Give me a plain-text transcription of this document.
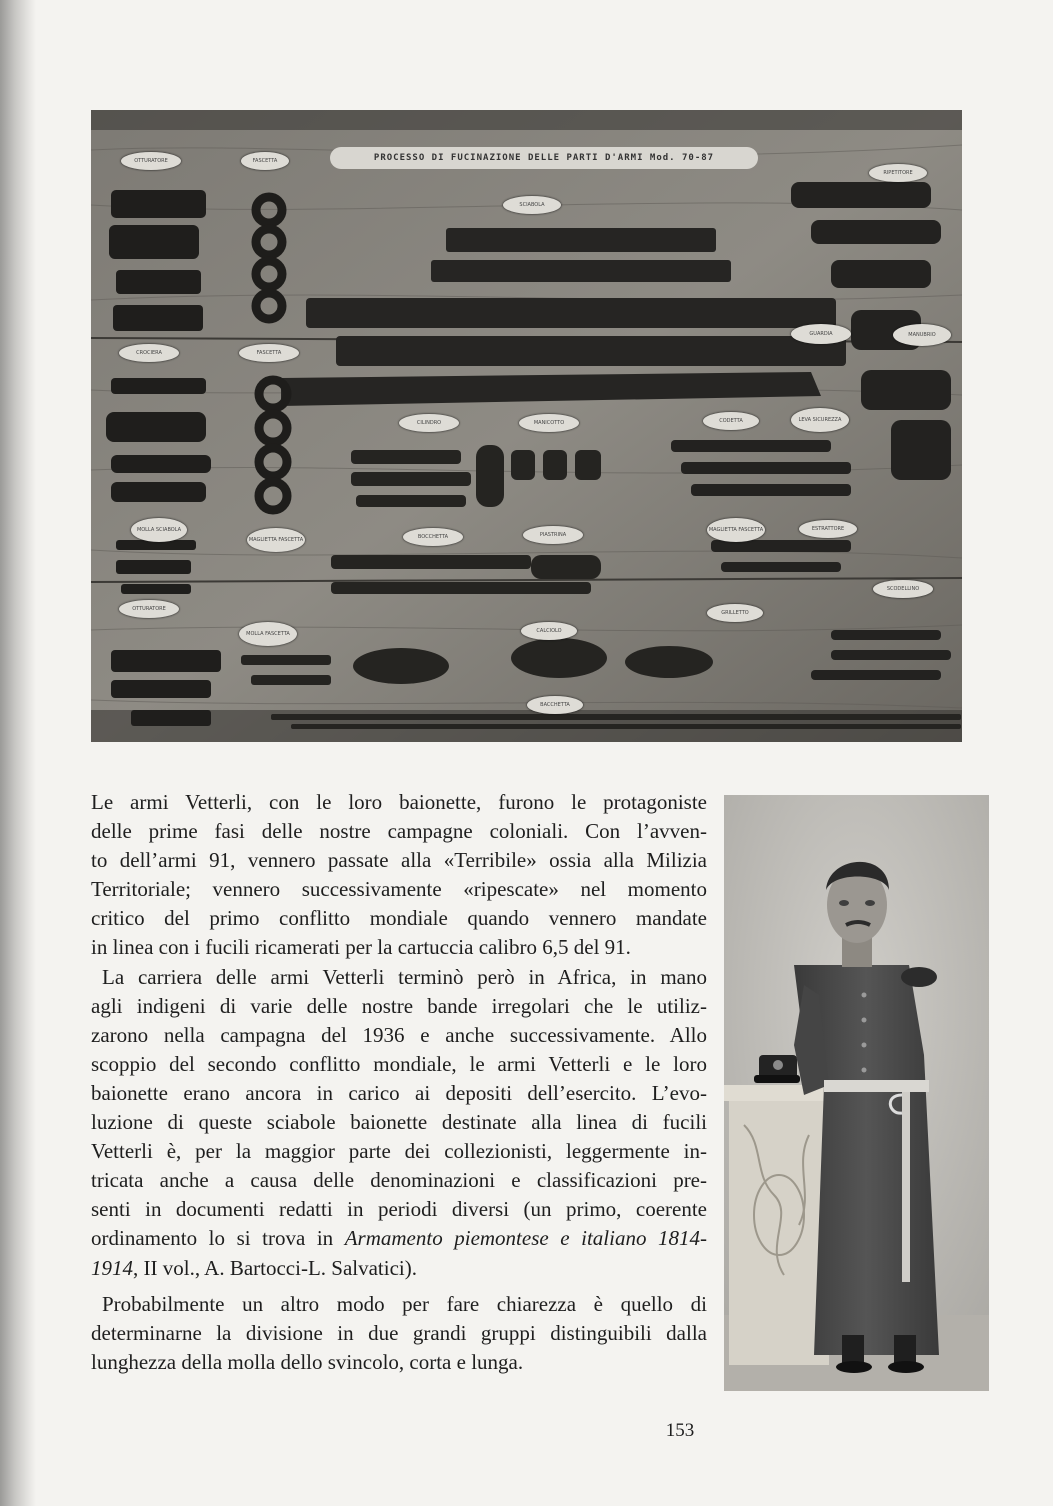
OTTURATORE	FASCETTA
SCIABOLA
RIPETITORE
CROCIERA	FASCETTA
CILINDRO
MANUBRIO
GUARDIA
MANICOTTO	CODETTA	LEVA SICUREZZA
MOLLA SCIABOLA
MAGLIETTA FASCETTA	BOCCHETTA	PIASTRINA
MAGLIETTA FASCETTA	ESTRATTORE
OTTURATORE
MOLLA FASCETTA	CALCIOLO
GRILLETTO
SCODELLINO
BACCHETTA
PROCESSO DI FUCINAZIONE DELLE PARTI D'ARMI Mod. 70-87

Le armi Vetterli, con le loro baionette, furono le protagoniste
delle prime fasi delle nostre campagne coloniali. Con l’avven-
to dell’armi 91, vennero passate alla «Terribile» ossia alla Milizia
Territoriale; vennero successivamente «ripescate» nel momento
critico del primo conflitto mondiale quando vennero mandate
in linea con i fucili ricamerati per la cartuccia calibro 6,5 del 91.

La carriera delle armi Vetterli terminò però in Africa, in mano
agli indigeni di varie delle nostre bande irregolari che le utiliz-
zarono nella campagna del 1936 e anche successivamente. Allo
scoppio del secondo conflitto mondiale, le armi Vetterli e le loro
baionette erano ancora in carico ai depositi dell’esercito. L’evo-
luzione di queste sciabole baionette destinate alla linea di fucili
Vetterli è, per la maggior parte dei collezionisti, leggermente in-
tricata anche a causa delle denominazioni e classificazioni pre-
senti in documenti redatti in periodi diversi (un primo, coerente
ordinamento lo si trova in Armamento piemontese e italiano 1814-
1914, II vol., A. Bartocci-L. Salvatici).

Probabilmente un altro modo per fare chiarezza è quello di
determinarne la divisione in due grandi gruppi distinguibili dalla
lunghezza della molla dello svincolo, corta e lunga.

153
